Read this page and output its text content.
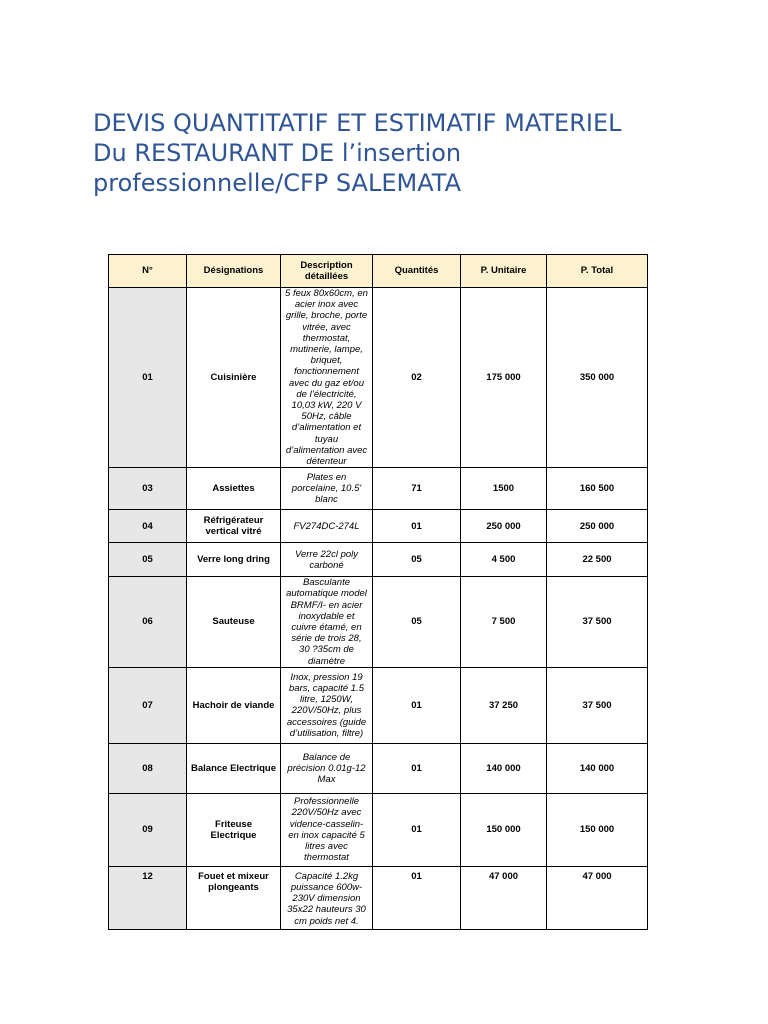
DEVIS QUANTITATIF ET ESTIMATIF MATERIEL
Du RESTAURANT DE l’insertion
professionnelle/CFP SALEMATA
N°	Désignations	Description détaillées	Quantités	P. Unitaire	P. Total
01	Cuisinière	5 feux 80x60cm, en acier inox avec grille, broche, porte vitrée, avec thermostat, mutinerie, lampe, briquet, fonctionnement avec du gaz et/ou de l’électricité, 10,03 kW, 220 V 50Hz, câble d’alimentation et tuyau d’alimentation avec détenteur	02	175 000	350 000
03	Assiettes	Plates en porcelaine, 10.5' blanc	71	1500	160 500
04	Réfrigérateur vertical vitré	FV274DC-274L	01	250 000	250 000
05	Verre long dring	Verre 22cl poly carboné	05	4 500	22 500
06	Sauteuse	Basculante automatique model BRMF/I- en acier inoxydable et cuivre étamé, en série de trois 28, 30 ?35cm de diamètre	05	7 500	37 500
07	Hachoir de viande	Inox, pression 19 bars, capacité 1.5 litre, 1250W, 220V/50Hz, plus accessoires (guide d’utilisation, filtre)	01	37 250	37 500
08	Balance Electrique	Balance de précision 0.01g-12 Max	01	140 000	140 000
09	Friteuse Electrique	Professionnelle 220V/50Hz avec vidence-casselin-en inox capacité 5 litres avec thermostat	01	150 000	150 000
12	Fouet et mixeur plongeants	Capacité 1.2kg puissance 600w-230V dimension 35x22 hauteurs 30 cm poids net 4.	01	47 000	47 000
